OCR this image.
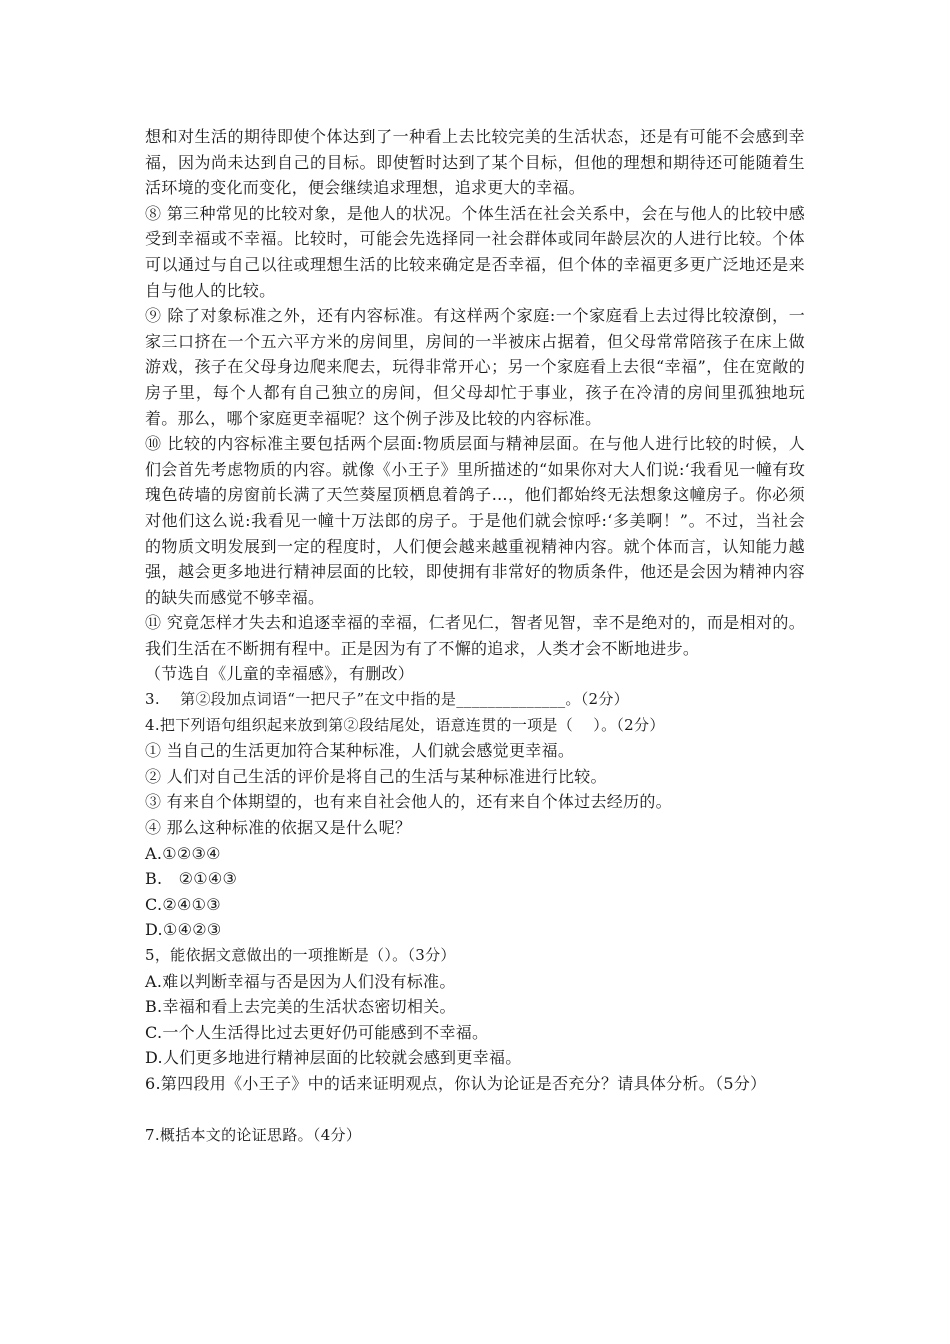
想和对生活的期待即使个体达到了一种看上去比较完美的生活状态，还是有可能不会感到幸福，因为尚未达到自己的目标。即使暂时达到了某个目标，但他的理想和期待还可能随着生活环境的变化而变化，便会继续追求理想，追求更大的幸福。

⑧ 第三种常见的比较对象，是他人的状况。个体生活在社会关系中，会在与他人的比较中感受到幸福或不幸福。比较时，可能会先选择同一社会群体或同年龄层次的人进行比较。个体可以通过与自己以往或理想生活的比较来确定是否幸福，但个体的幸福更多更广泛地还是来自与他人的比较。

⑨ 除了对象标准之外，还有内容标准。有这样两个家庭:一个家庭看上去过得比较潦倒，一家三口挤在一个五六平方米的房间里，房间的一半被床占据着，但父母常常陪孩子在床上做游戏，孩子在父母身边爬来爬去，玩得非常开心；另一个家庭看上去很“幸福”，住在宽敞的房子里，每个人都有自己独立的房间，但父母却忙于事业，孩子在冷清的房间里孤独地玩着。那么，哪个家庭更幸福呢？这个例子涉及比较的内容标准。

⑩ 比较的内容标准主要包括两个层面:物质层面与精神层面。在与他人进行比较的时候，人们会首先考虑物质的内容。就像《小王子》里所描述的“如果你对大人们说:‘我看见一幢有玫瑰色砖墙的房窗前长满了天竺葵屋顶栖息着鸽子…，他们都始终无法想象这幢房子。你必须对他们这么说:我看见一幢十万法郎的房子。于是他们就会惊呼:‘多美啊！”。不过，当社会的物质文明发展到一定的程度时，人们便会越来越重视精神内容。就个体而言，认知能力越强，越会更多地进行精神层面的比较，即使拥有非常好的物质条件，他还是会因为精神内容的缺失而感觉不够幸福。

⑪ 究竟怎样才失去和追逐幸福的幸福，仁者见仁，智者见智，幸不是绝对的，而是相对的。我们生活在不断拥有程中。正是因为有了不懈的追求，人类才会不断地进步。

（节选自《儿童的幸福感》，有删改）

3.    第②段加点词语“一把尺子”在文中指的是______________。（2分）

4.把下列语句组织起来放到第②段结尾处，语意连贯的一项是（    ）。（2分）

① 当自己的生活更加符合某种标准，人们就会感觉更幸福。

② 人们对自己生活的评价是将自己的生活与某种标准进行比较。

③ 有来自个体期望的，也有来自社会他人的，还有来自个体过去经历的。

④ 那么这种标准的依据又是什么呢？

A.①②③④

B.   ②①④③

C.②④①③

D.①④②③

5，能依据文意做出的一项推断是（）。（3分）

A.难以判断幸福与否是因为人们没有标准。

B.幸福和看上去完美的生活状态密切相关。

C.一个人生活得比过去更好仍可能感到不幸福。

D.人们更多地进行精神层面的比较就会感到更幸福。

6.第四段用《小王子》中的话来证明观点，你认为论证是否充分？请具体分析。（5分）

7.概括本文的论证思路。（4分）
